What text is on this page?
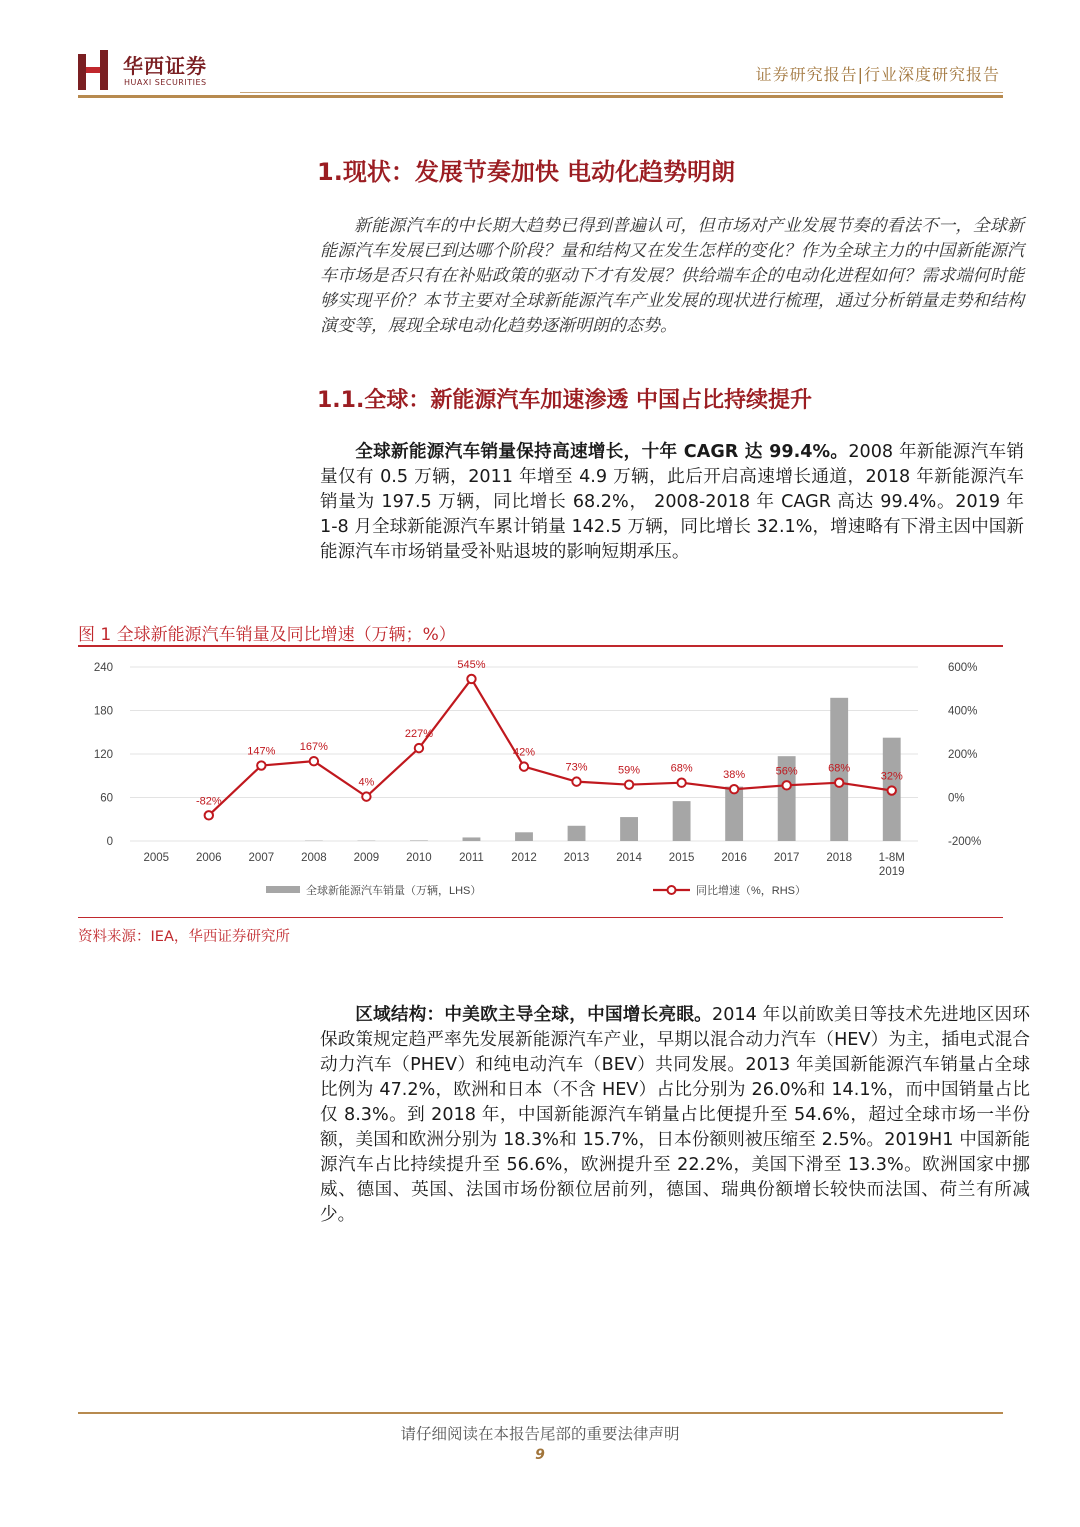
华西证券
HUAXI SECURITIES	证券研究报告|行业深度研究报告
1.现状：发展节奏加快 电动化趋势明朗

新能源汽车的中长期大趋势已得到普遍认可，但市场对产业发展节奏的看法不一，全球新能源汽车发展已到达哪个阶段？量和结构又在发生怎样的变化？作为全球主力的中国新能源汽车市场是否只有在补贴政策的驱动下才有发展？供给端车企的电动化进程如何？需求端何时能够实现平价？本节主要对全球新能源汽车产业发展的现状进行梳理，通过分析销量走势和结构演变等，展现全球电动化趋势逐渐明朗的态势。

1.1.全球：新能源汽车加速渗透 中国占比持续提升

全球新能源汽车销量保持高速增长，十年 CAGR 达 99.4%。2008 年新能源汽车销量仅有 0.5 万辆，2011 年增至 4.9 万辆，此后开启高速增长通道，2018 年新能源汽车销量为 197.5 万辆，同比增长 68.2%， 2008-2018 年 CAGR 高达 99.4%。2019 年 1-8 月全球新能源汽车累计销量 142.5 万辆，同比增长 32.1%，增速略有下滑主因中国新能源汽车市场销量受补贴退坡的影响短期承压。

图 1 全球新能源汽车销量及同比增速（万辆；%）
0
60
120
180
240
-200%
0%
200%
400%
600%
-82%
147% 167%
4%
227%
545%
42%
73%	59%	68%
38%	56%	68%
32%
2005 2006 2007 2008 2009 2010 2011 2012 2013 2014 2015 2016 2017 2018 1-8M
2019
全球新能源汽车销量（万辆，LHS）	同比增速（%，RHS）
资料来源：IEA，华西证券研究所

区域结构：中美欧主导全球，中国增长亮眼。2014 年以前欧美日等技术先进地区因环保政策规定趋严率先发展新能源汽车产业，早期以混合动力汽车（HEV）为主，插电式混合动力汽车（PHEV）和纯电动汽车（BEV）共同发展。2013 年美国新能源汽车销量占全球比例为 47.2%，欧洲和日本（不含 HEV）占比分别为 26.0%和 14.1%，而中国销量占比仅 8.3%。到 2018 年，中国新能源汽车销量占比便提升至 54.6%，超过全球市场一半份额，美国和欧洲分别为 18.3%和 15.7%，日本份额则被压缩至 2.5%。2019H1 中国新能源汽车占比持续提升至 56.6%，欧洲提升至 22.2%，美国下滑至 13.3%。欧洲国家中挪威、德国、英国、法国市场份额位居前列，德国、瑞典份额增长较快而法国、荷兰有所减少。

请仔细阅读在本报告尾部的重要法律声明
9
